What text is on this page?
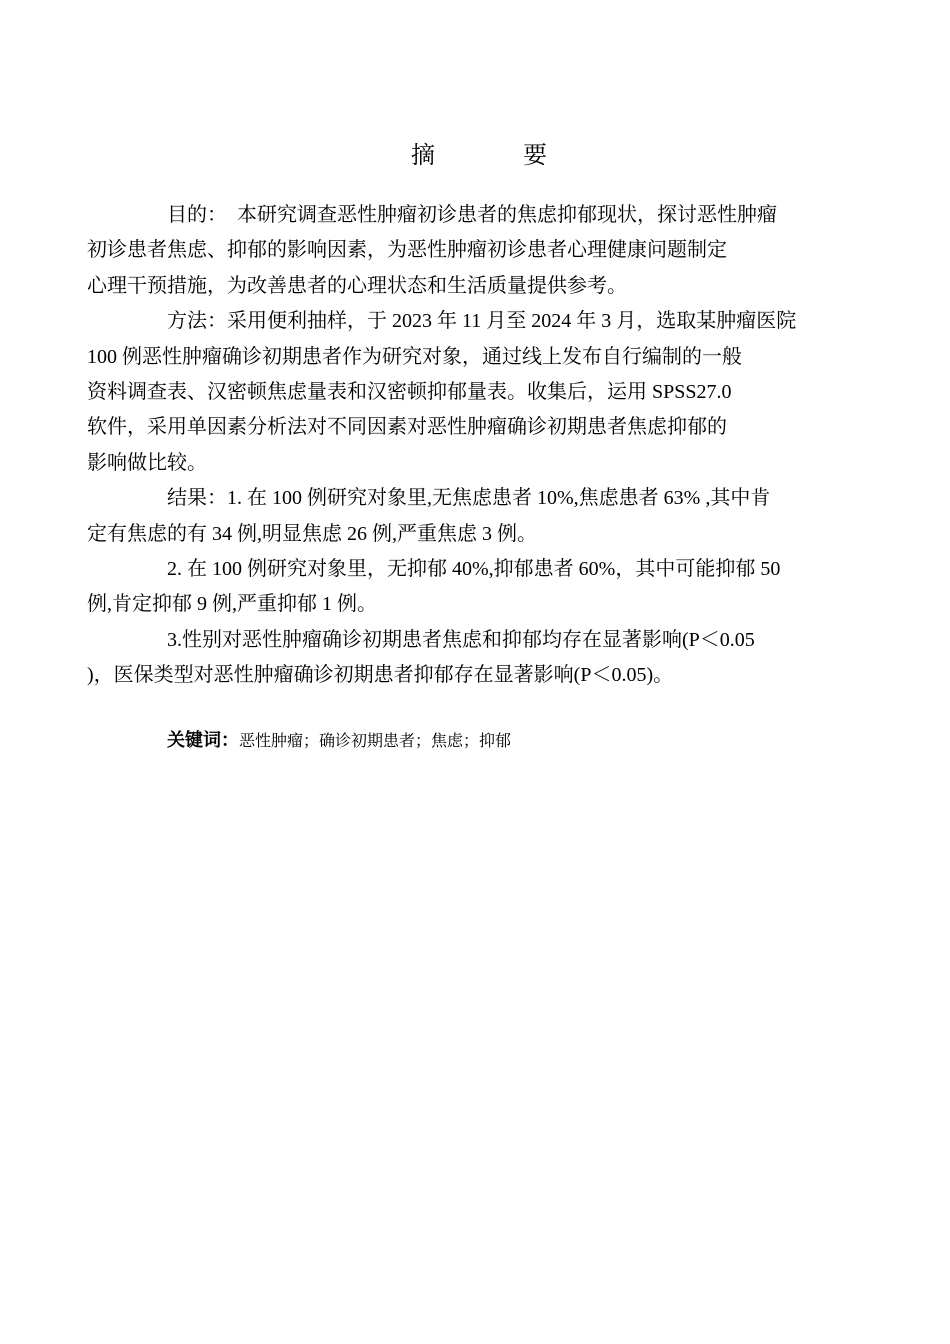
摘　要

目的：　本研究调查恶性肿瘤初诊患者的焦虑抑郁现状，探讨恶性肿瘤
初诊患者焦虑、抑郁的影响因素，为恶性肿瘤初诊患者心理健康问题制定
心理干预措施，为改善患者的心理状态和生活质量提供参考。

方法：采用便利抽样，于 2023 年 11 月至 2024 年 3 月，选取某肿瘤医院
100 例恶性肿瘤确诊初期患者作为研究对象，通过线上发布自行编制的一般
资料调查表、汉密顿焦虑量表和汉密顿抑郁量表。收集后，运用 SPSS27.0
软件，采用单因素分析法对不同因素对恶性肿瘤确诊初期患者焦虑抑郁的
影响做比较。

结果：1. 在 100 例研究对象里,无焦虑患者 10%,焦虑患者 63% ,其中肯
定有焦虑的有 34 例,明显焦虑 26 例,严重焦虑 3 例。

2. 在 100 例研究对象里，无抑郁 40%,抑郁患者 60%，其中可能抑郁 50
例,肯定抑郁 9 例,严重抑郁 1 例。

3.性别对恶性肿瘤确诊初期患者焦虑和抑郁均存在显著影响(P＜0.05
)，医保类型对恶性肿瘤确诊初期患者抑郁存在显著影响(P＜0.05)。

关键词：恶性肿瘤；确诊初期患者；焦虑；抑郁
